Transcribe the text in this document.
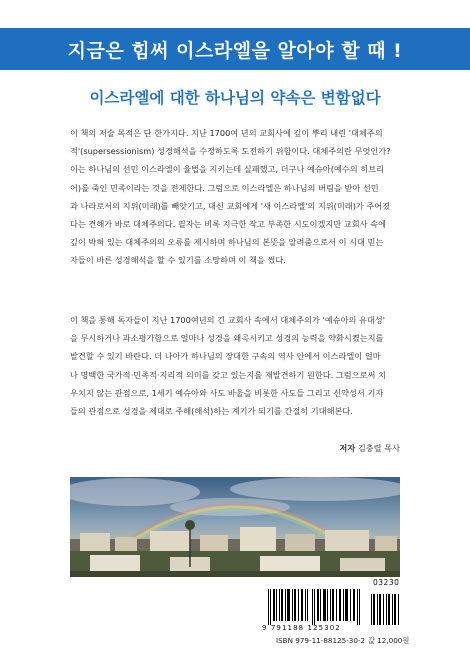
지금은 힘써 이스라엘을 알아야 할 때 !
이스라엘에 대한 하나님의 약속은 변함없다
이 책의 저술 목적은 단 한가지다. 지난 1700여 년의 교회사에 깊이 뿌리 내린 '대체주의
적'(supersessionism) 성경해석을 수정하도록 도전하기 위함이다. 대체주의란 무엇인가?
이는 하나님의 선민 이스라엘이 율법을 지키는데 실패했고, 더구나 예슈아(예수의 히브리
어)를 죽인 민족이라는 것을 전제한다. 그럼으로 이스라엘은 하나님의 버림을 받아 선민
과 나라로서의 지위(미래)를 빼앗기고, 대신 교회에게 '새 이스라엘'의 지위(미래)가 주어졌
다는 견해가 바로 대체주의다. 필자는 비록 지극한 작고 부족한 시도이겠지만 교회사 속에
깊이 박혀 있는 대체주의의 오류를 제시하며 하나님의 본뜻을 알려줌으로서 이 시대 믿는
자들이 바른 성경해석을 할 수 있기를 소망하며 이 책을 썼다.
이 책을 통해 독자들이 지난 1700여년의 긴 교회사 속에서 대체주의가 '예슈아의 유대성'
을 무시하거나 과소평가함으로 얼마나 성경을 왜곡시키고 성경의 능력을 약화시켰는지를
발견할 수 있기 바란다. 더 나아가 하나님의 장대한 구속의 역사 안에서 이스라엘이 얼마
나 명백한 국가적·민족적·지리적 의미를 갖고 있는지를 재발견하기 원한다. 그럼으로써 치
우치지 않는 관점으로, 1세기 예슈아와 사도 바울을 비롯한 사도들 그리고 신약성서 기자
들의 관점으로 성경을 제대로 주해(해석)하는 계기가 되기를 간절히 기대해본다.
저자 김충렬 목사
03230
9 791188 125302
ISBN 979-11-88125-30-2 값 12,000원
